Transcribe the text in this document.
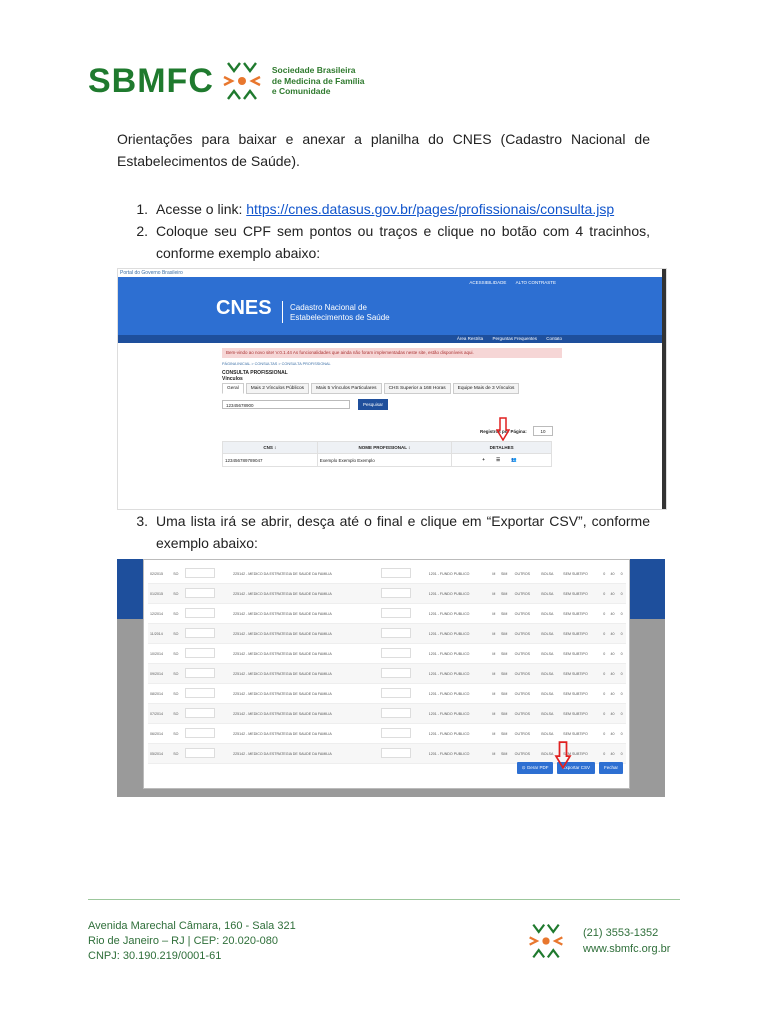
SBMFC	Sociedade Brasileira
de Medicina de Família
e Comunidade
Orientações para baixar e anexar a planilha do CNES (Cadastro Nacional de Estabelecimentos de Saúde).
1. Acesse o link: https://cnes.datasus.gov.br/pages/profissionais/consulta.jsp
2. Coloque seu CPF sem pontos ou traços e clique no botão com 4 tracinhos, conforme exemplo abaixo:
Portal do Governo Brasileiro
ACESSIBILIDADE ALTO CONTRASTE
CNES Cadastro Nacional de
Estabelecimentos de Saúde
Área Restrita Perguntas Frequentes Contato
Bem-vindo ao novo site! V.0.1.44 As funcionalidades que ainda não foram implementadas neste site, estão disponíveis aqui.
PÁGINA INICIAL > CONSULTAS > CONSULTA PROFISSIONAL
CONSULTA PROFISSIONAL
Vínculos
Geral	Mais 2 Vínculos Públicos	Mais 5 Vínculos Particulares	CHS Superior a 168 Horas	Equipe Mais de 3 Vínculos
12345678900	Pesquisar
Registros por Página:	10
CNS ↕	NOME PROFISSIONAL ↕	DETALHES
123456789789047	Exemplo Exemplo Exemplo	+ ☰ 👥
3. Uma lista irá se abrir, desça até o final e clique em “Exportar CSV”, conforme exemplo abaixo:
02/2015	SO		225142 - MEDICO DA ESTRATEGIA DE SAUDE DA FAMILIA		1201 - FUNDO PUBLICO	M	SIM	OUTROS	BOLSA	SEM SUBTIPO	0	40	0
01/2015	SO		225142 - MEDICO DA ESTRATEGIA DE SAUDE DA FAMILIA		1201 - FUNDO PUBLICO	M	SIM	OUTROS	BOLSA	SEM SUBTIPO	0	40	0
12/2014	SO		225142 - MEDICO DA ESTRATEGIA DE SAUDE DA FAMILIA		1201 - FUNDO PUBLICO	M	SIM	OUTROS	BOLSA	SEM SUBTIPO	0	40	0
11/2014	SO		225142 - MEDICO DA ESTRATEGIA DE SAUDE DA FAMILIA		1201 - FUNDO PUBLICO	M	SIM	OUTROS	BOLSA	SEM SUBTIPO	0	40	0
10/2014	SO		225142 - MEDICO DA ESTRATEGIA DE SAUDE DA FAMILIA		1201 - FUNDO PUBLICO	M	SIM	OUTROS	BOLSA	SEM SUBTIPO	0	40	0
09/2014	SO		225142 - MEDICO DA ESTRATEGIA DE SAUDE DA FAMILIA		1201 - FUNDO PUBLICO	M	SIM	OUTROS	BOLSA	SEM SUBTIPO	0	40	0
08/2014	SO		225142 - MEDICO DA ESTRATEGIA DE SAUDE DA FAMILIA		1201 - FUNDO PUBLICO	M	SIM	OUTROS	BOLSA	SEM SUBTIPO	0	40	0
07/2014	SO		225142 - MEDICO DA ESTRATEGIA DE SAUDE DA FAMILIA		1201 - FUNDO PUBLICO	M	SIM	OUTROS	BOLSA	SEM SUBTIPO	0	40	0
06/2014	SO		225142 - MEDICO DA ESTRATEGIA DE SAUDE DA FAMILIA		1201 - FUNDO PUBLICO	M	SIM	OUTROS	BOLSA	SEM SUBTIPO	0	40	0
05/2014	SO		225142 - MEDICO DA ESTRATEGIA DE SAUDE DA FAMILIA		1201 - FUNDO PUBLICO	M	SIM	OUTROS	BOLSA	SEM SUBTIPO	0	40	0
⊙ Gerar PDF	Exportar CSV	Fechar
Avenida Marechal Câmara, 160 - Sala 321
Rio de Janeiro – RJ | CEP: 20.020-080
CNPJ: 30.190.219/0001-61
(21) 3553-1352
www.sbmfc.org.br
